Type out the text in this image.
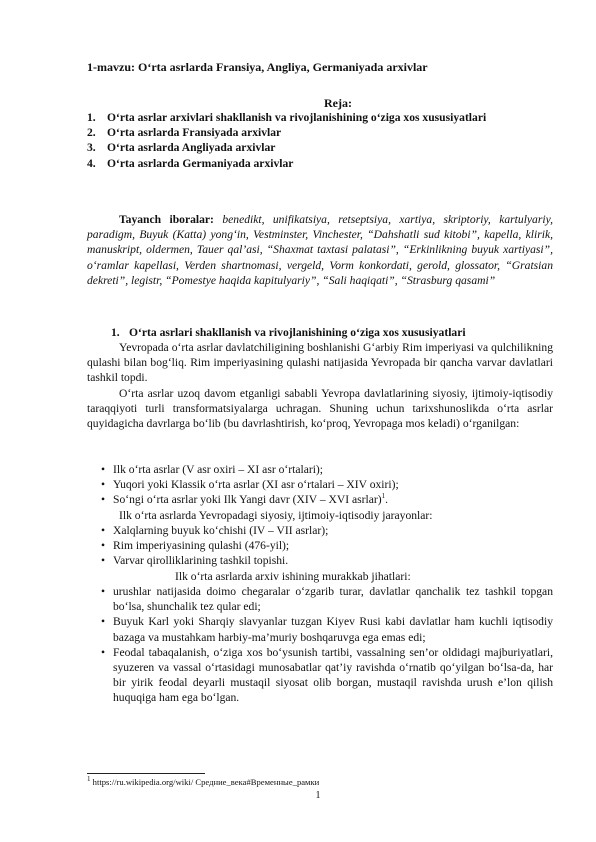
1-mavzu: O‘rta asrlarda Fransiya, Angliya, Germaniyada arxivlar
Reja:
1. O‘rta asrlar arxivlari shakllanish va rivojlanishining o‘ziga xos xususiyatlari
2. O‘rta asrlarda Fransiyada arxivlar
3. O‘rta asrlarda Angliyada arxivlar
4. O‘rta asrlarda Germaniyada arxivlar
Tayanch iboralar: benedikt, unifikatsiya, retseptsiya, xartiya, skriptoriy, kartulyariy, paradigm, Buyuk (Katta) yong‘in, Vestminster, Vinchester, “Dahshatli sud kitobi”, kapella, klirik, manuskript, oldermen, Tauer qal’asi, “Shaxmat taxtasi palatasi”, “Erkinlikning buyuk xartiyasi”, o‘ramlar kapellasi, Verden shartnomasi, vergeld, Vorm konkordati, gerold, glossator, “Gratsian dekreti”, legistr, “Pomestye haqida kapitulyariy”, “Sali haqiqati”, “Strasburg qasami”
1. O‘rta asrlari shakllanish va rivojlanishining o‘ziga xos xususiyatlari
Yevropada o‘rta asrlar davlatchiligining boshlanishi G‘arbiy Rim imperiyasi va qulchilikning qulashi bilan bog‘liq. Rim imperiyasining qulashi natijasida Yevropada bir qancha varvar davlatlari tashkil topdi.
O‘rta asrlar uzoq davom etganligi sababli Yevropa davlatlarining siyosiy, ijtimoiy-iqtisodiy taraqqiyoti turli transformatsiyalarga uchragan. Shuning uchun tarixshunoslikda o‘rta asrlar quyidagicha davrlarga bo‘lib (bu davrlashtirish, ko‘proq, Yevropaga mos keladi) o‘rganilgan:
• Ilk o‘rta asrlar (V asr oxiri – XI asr o‘rtalari);
• Yuqori yoki Klassik o‘rta asrlar (XI asr o‘rtalari – XIV oxiri);
• So‘ngi o‘rta asrlar yoki Ilk Yangi davr (XIV – XVI asrlar)$^1$.
Ilk o‘rta asrlarda Yevropadagi siyosiy, ijtimoiy-iqtisodiy jarayonlar:
• Xalqlarning buyuk ko‘chishi (IV – VII asrlar);
• Rim imperiyasining qulashi (476-yil);
• Varvar qirolliklarining tashkil topishi.
Ilk o‘rta asrlarda arxiv ishining murakkab jihatlari:
• urushlar natijasida doimo chegaralar o‘zgarib turar, davlatlar qanchalik tez tashkil topgan bo‘lsa, shunchalik tez qular edi;
• Buyuk Karl yoki Sharqiy slavyanlar tuzgan Kiyev Rusi kabi davlatlar ham kuchli iqtisodiy bazaga va mustahkam harbiy-ma’muriy boshqaruvga ega emas edi;
• Feodal tabaqalanish, o‘ziga xos bo‘ysunish tartibi, vassalning sen’or oldidagi majburiyatlari, syuzeren va vassal o‘rtasidagi munosabatlar qat’iy ravishda o‘rnatib qo‘yilgan bo‘lsa-da, har bir yirik feodal deyarli mustaqil siyosat olib borgan, mustaqil ravishda urush e’lon qilish huquqiga ham ega bo‘lgan.
$^1$ https://ru.wikipedia.org/wiki/ Средние_века#Временные_рамки
1
